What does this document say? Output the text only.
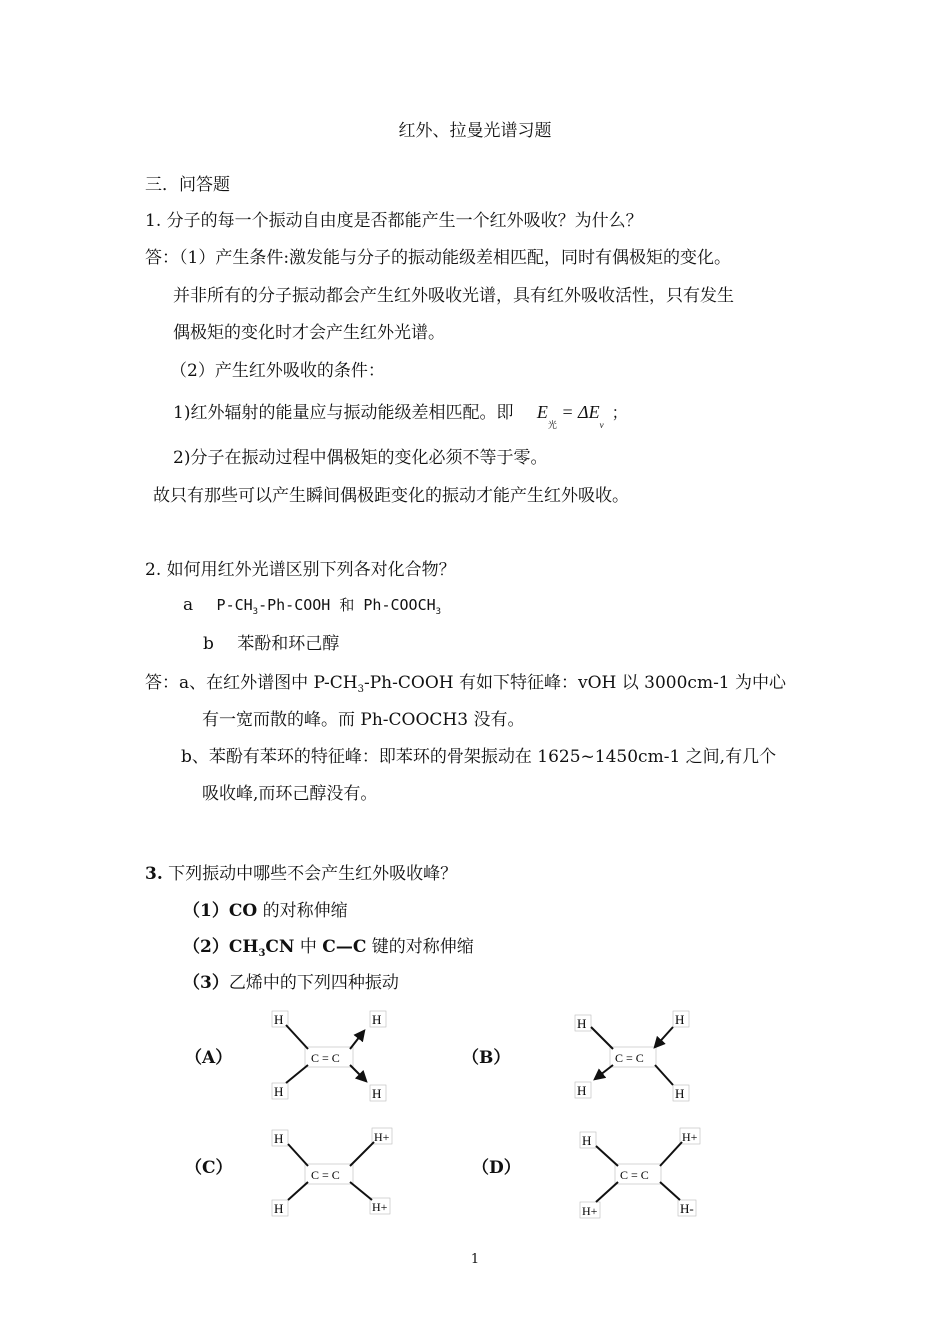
红外、拉曼光谱习题
三．问答题
1. 分子的每一个振动自由度是否都能产生一个红外吸收？为什么？
答：（1）产生条件:激发能与分子的振动能级差相匹配，同时有偶极矩的变化。
并非所有的分子振动都会产生红外吸收光谱，具有红外吸收活性，只有发生
偶极矩的变化时才会产生红外光谱。
（2）产生红外吸收的条件：
1)红外辐射的能量应与振动能级差相匹配。即 $E_光 = \Delta E_v$；
2)分子在振动过程中偶极矩的变化必须不等于零。
故只有那些可以产生瞬间偶极距变化的振动才能产生红外吸收。
2. 如何用红外光谱区别下列各对化合物？
a $P-CH_3-Ph$-COOH 和 $Ph-COOCH_3$
b 苯酚和环己醇
答：a、在红外谱图中 $P-CH_3-Ph$-COOH 有如下特征峰：vOH 以 3000cm-1 为中心
有一宽而散的峰。而 Ph-COOCH3 没有。
b、苯酚有苯环的特征峰：即苯环的骨架振动在 1625~1450cm-1 之间,有几个
吸收峰,而环己醇没有。
3. 下列振动中哪些不会产生红外吸收峰？
（1）CO 的对称伸缩
$(2)CH_3CN$ 中 C—C 键的对称伸缩
（3）乙烯中的下列四种振动
（A）	（B）
（C）	（D）
H	H
C = C
H	H
H	H
C = C
H	H
H	H+
C = C
H	H+
H	H+
C = C
H+	H-
1
